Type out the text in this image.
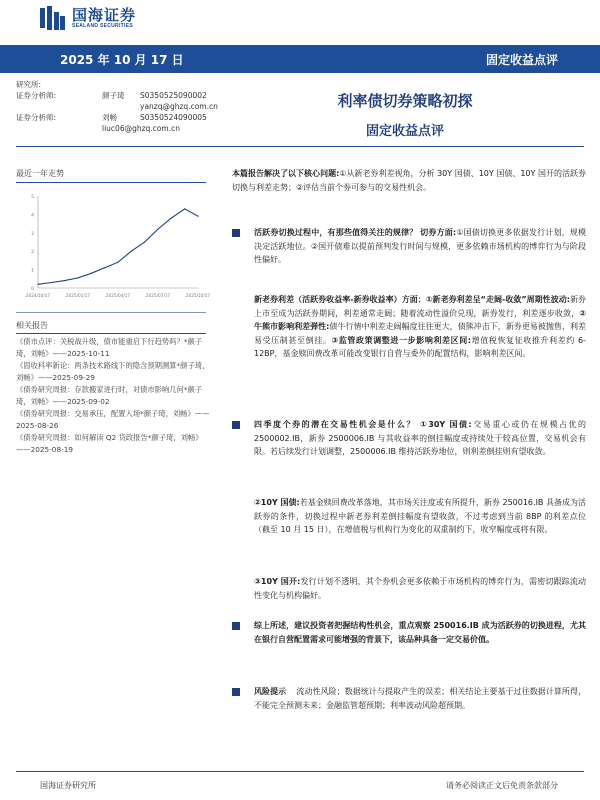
国海证券
SEALAND SECURITIES
2025 年 10 月 17 日	固定收益点评
研究所:
证券分析师:	颜子琦	S0350525090002
yanzq@ghzq.com.cn
证券分析师:	刘畅	S0350524090005
liuc06@ghzq.com.cn
利率债切券策略初探
固定收益点评
最近一年走势
5
4
3
2
1
0
2024/10/17	2025/01/17	2025/04/17	2025/07/17	2025/10/17
相关报告

《债市点评：关税战升级，债市能重启下行趋势吗？*颜子琦，刘畅》——2025-10-11

《固收科率新论：两条技术路线下的隐含预期测算*颜子琦，刘畅》——2025-09-29

《债券研究周报：存款搬家进行时，对债市影响几何*颜子琦，刘畅》——2025-09-02

《债券研究周报：交易承压，配置入场*颜子琦，刘畅》——2025-08-26

《债券研究周报：如何解读 Q2 货政报告*颜子琦，刘畅》——2025-08-19

本篇报告解决了以下核心问题:①从新老券利差视角，分析 30Y 国债、10Y 国债、10Y 国开的活跃券切换与利差走势；②评估当前个券可参与的交易性机会。
活跃券切换过程中，有那些值得关注的规律？ 切券方面:①国债切换更多依据发行计划，规模决定活跃地位。②国开债难以提前预判发行时间与规模，更多依赖市场机构的博弈行为与阶段性偏好。
新老券利差（活跃券收益率-新券收益率）方面：①新老券利差呈“走阔-收敛”周期性波动:新券上市至成为活跃券期间，利差通常走阔；随着流动性溢价兑现，新券发行，利差逐步收敛，②牛熊市影响利差弹性:债牛行情中利差走阔幅度往往更大，债熊冲击下，新券更易被抛售，利差易受压制甚至倒挂。③监管政策调整进一步影响利差区间:增值税恢复征收推升利差约 6-12BP，基金赎回费改革可能改变银行自营与委外的配置结构，影响利差区间。
四季度个券的潜在交易性机会是什么？ ①30Y 国债:交易重心或仍在规模占优的 2500002.IB，新券 2500006.IB 与其收益率的倒挂幅度或持续处于较高位置，交易机会有限。若后续发行计划调整，2500006.IB 维持活跃券地位，则利差倒挂则有望收敛。
②10Y 国债:若基金赎回费改革落地，其市场关注度或有所提升，新券 250016.IB 具备成为活跃券的条件，切换过程中新老券利差倒挂幅度有望收敛，不过考虑到当前 8BP 的利差点位（截至 10 月 15 日），在增值税与机构行为变化的双重制约下，收窄幅度或将有限。
③10Y 国开:发行计划不透明，其个券机会更多依赖于市场机构的博弈行为，需密切跟踪流动性变化与机构偏好。
综上所述，建议投资者把握结构性机会，重点观察 250016.IB 成为活跃券的切换进程，尤其在银行自营配置需求可能增强的背景下，该品种具备一定交易价值。
风险提示 流动性风险；数据统计与提取产生的误差；相关结论主要基于过往数据计算所得，不能完全预测未来；金融监管超预期；利率波动风险超预期。
国海证券研究所	请务必阅读正文后免责条款部分
